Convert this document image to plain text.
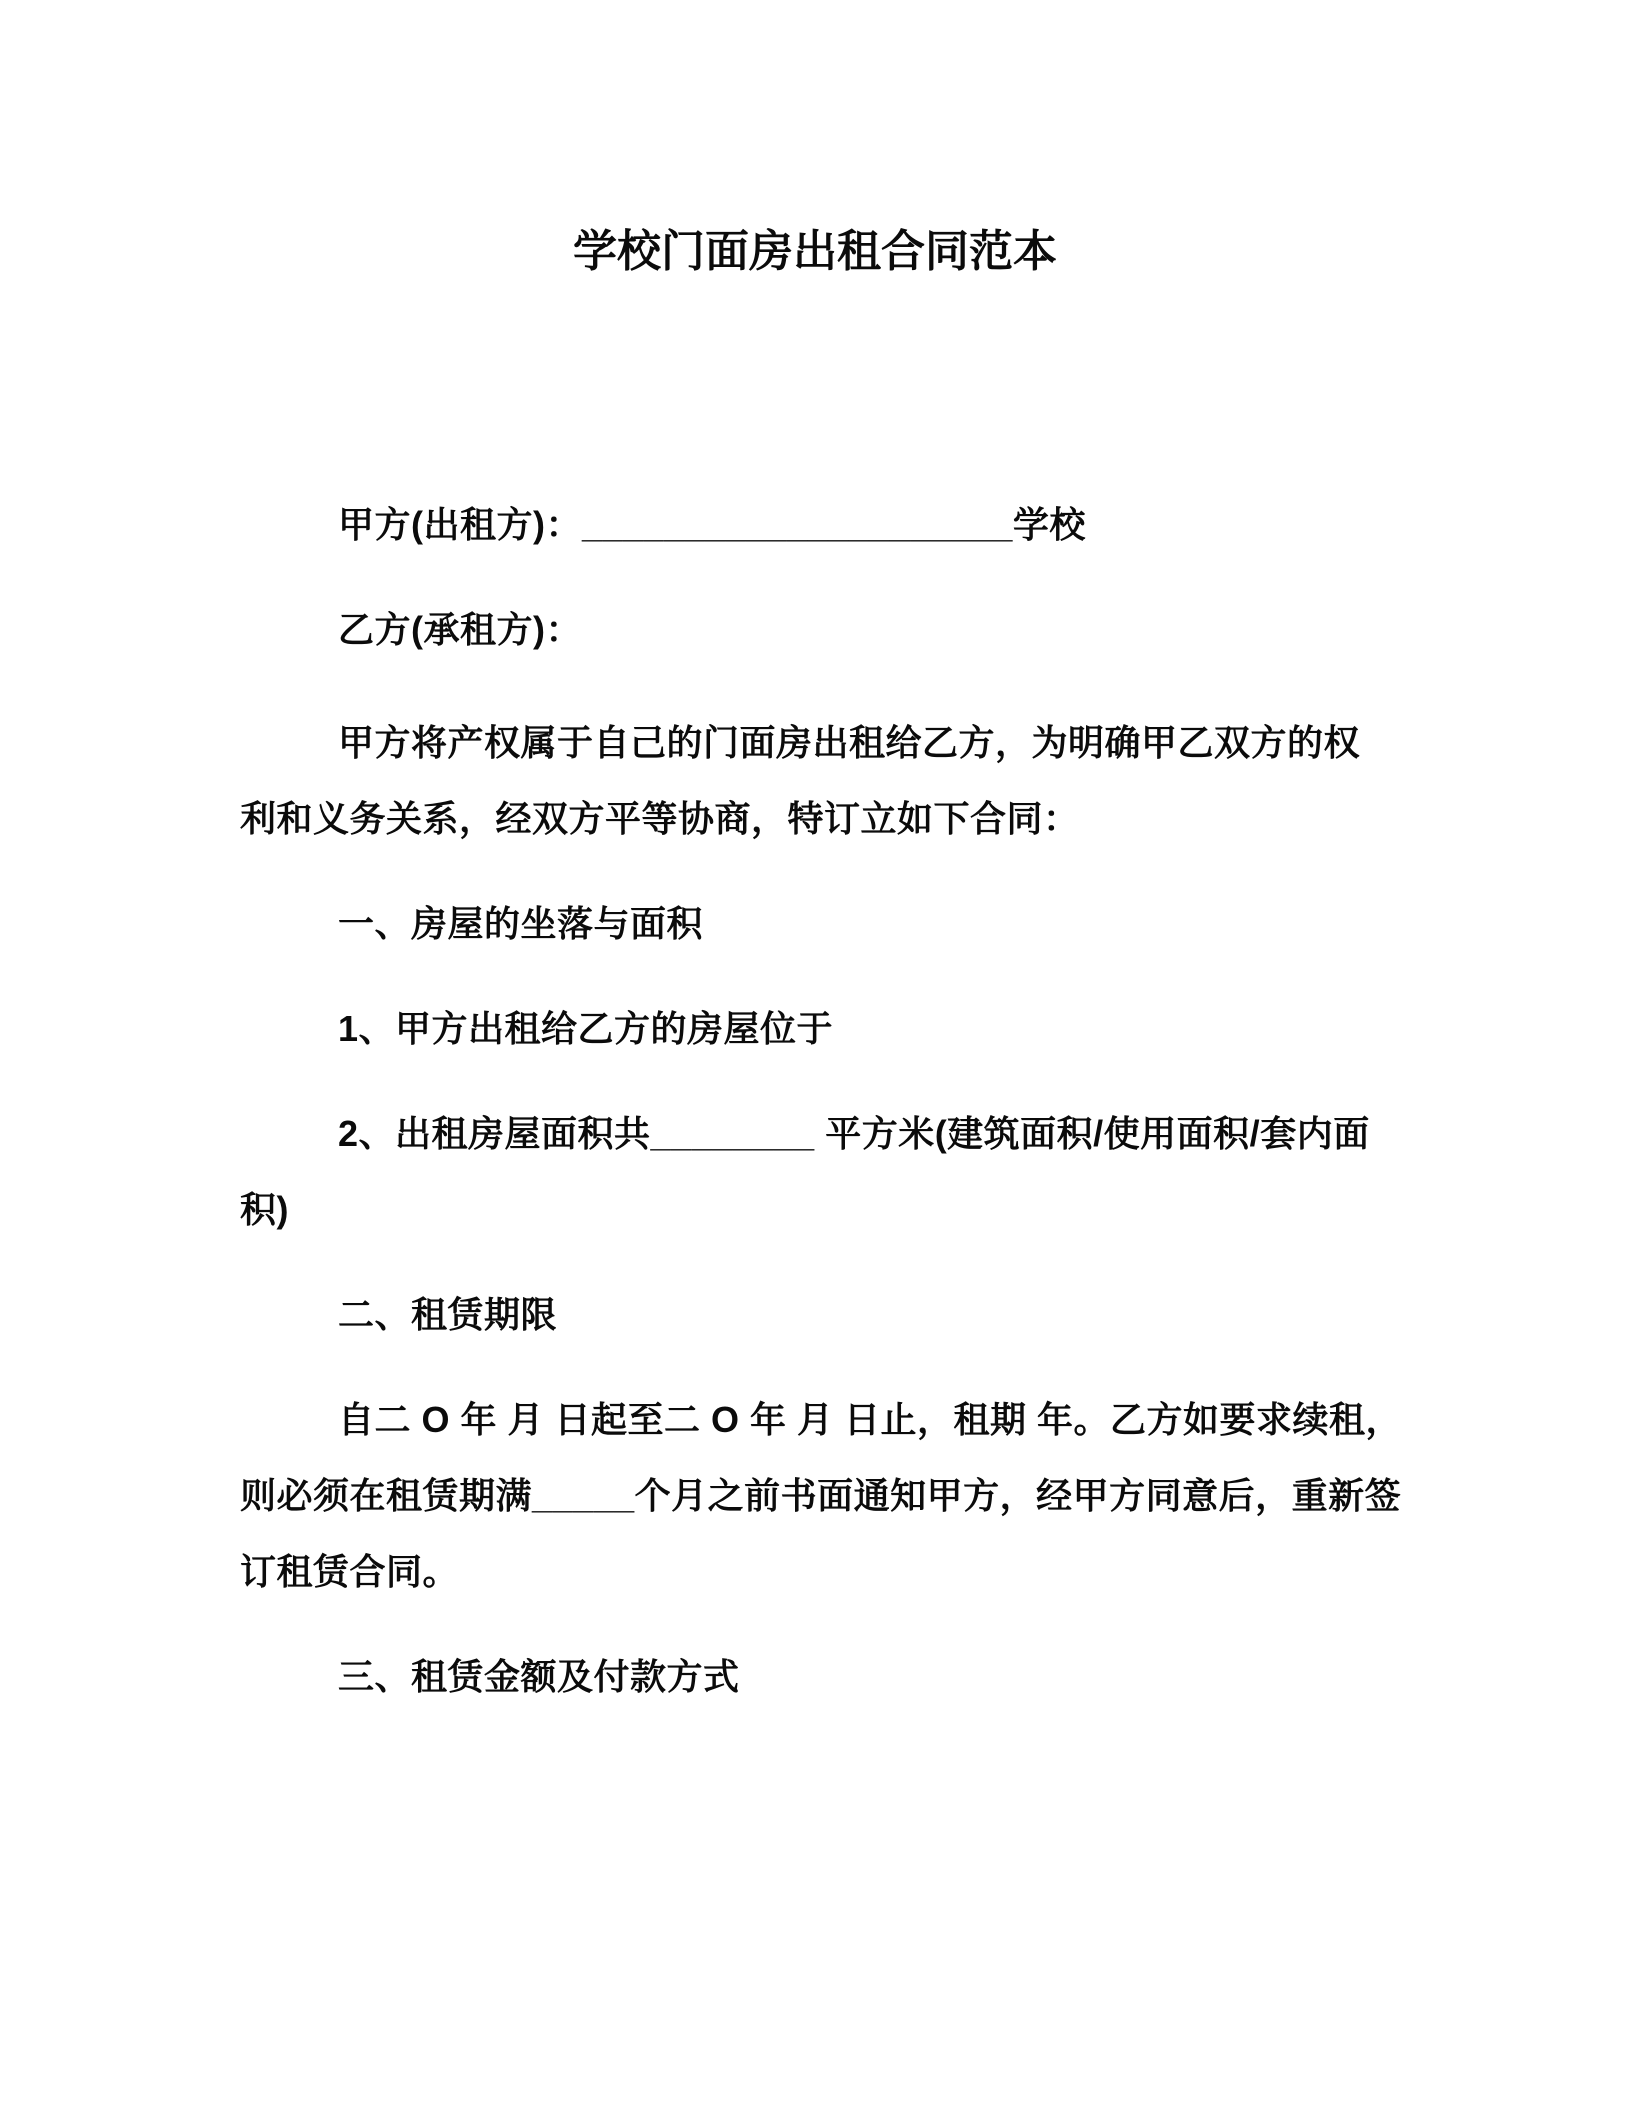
学校门面房出租合同范本
甲方(出租方)：_____________________学校
乙方(承租方)：
甲方将产权属于自己的门面房出租给乙方，为明确甲乙双方的权
利和义务关系，经双方平等协商，特订立如下合同：
一、房屋的坐落与面积
1、甲方出租给乙方的房屋位于
2、出租房屋面积共________ 平方米(建筑面积/使用面积/套内面
积)
二、租赁期限
自二 O 年 月 日起至二 O 年 月 日止，租期 年。乙方如要求续租，
则必须在租赁期满_____个月之前书面通知甲方，经甲方同意后，重新签
订租赁合同。
三、租赁金额及付款方式
